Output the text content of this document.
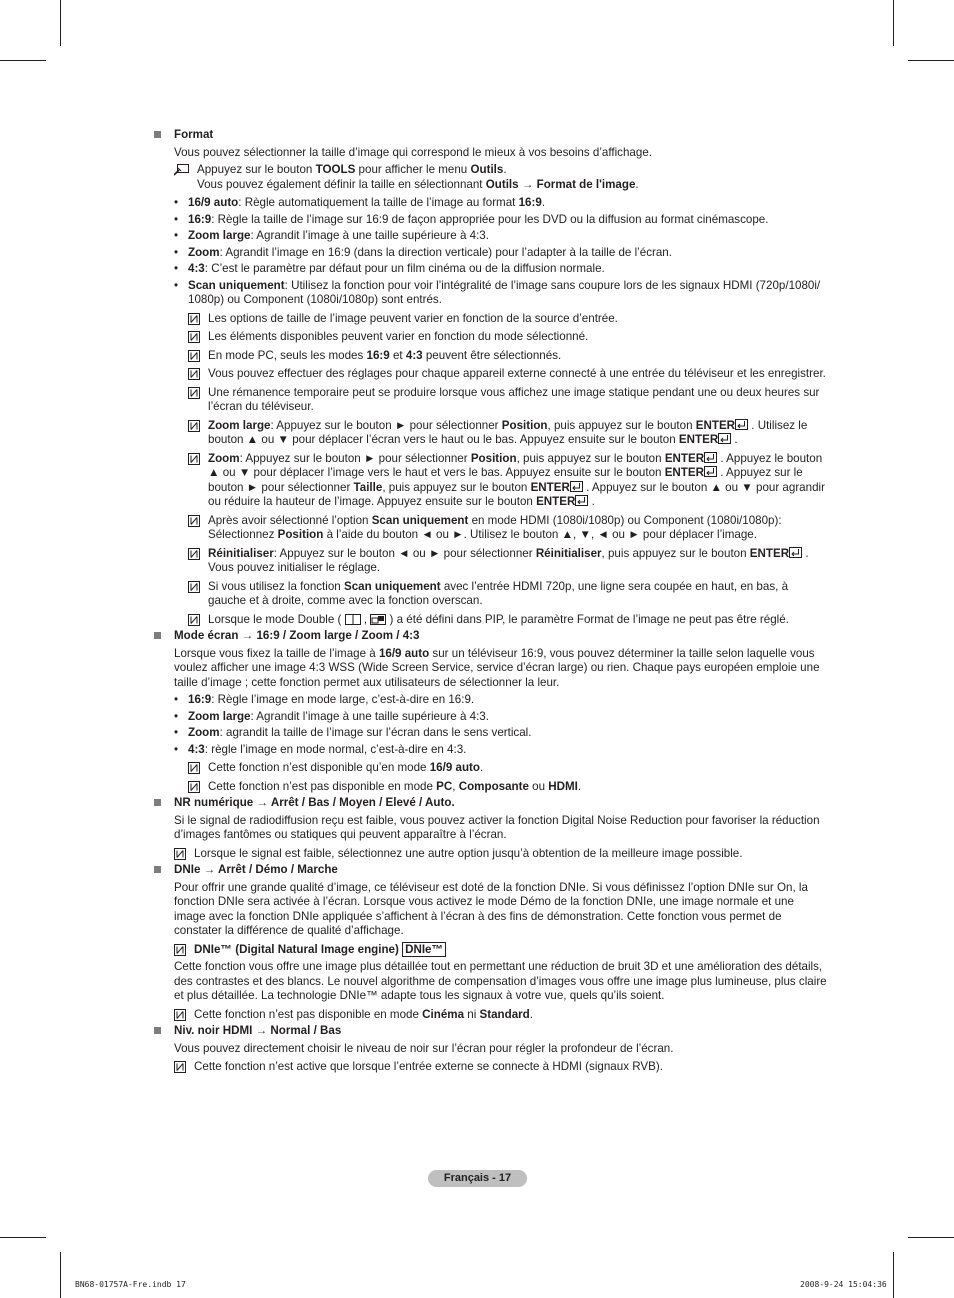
Format
Vous pouvez sélectionner la taille d’image qui correspond le mieux à vos besoins d’affichage.
Appuyez sur le bouton TOOLS pour afficher le menu Outils.
Vous pouvez également définir la taille en sélectionnant Outils → Format de l'image.
• 16/9 auto: Règle automatiquement la taille de l’image au format 16:9.
• 16:9: Règle la taille de l’image sur 16:9 de façon appropriée pour les DVD ou la diffusion au format cinémascope.
• Zoom large: Agrandit l’image à une taille supérieure à 4:3.
• Zoom: Agrandit l’image en 16:9 (dans la direction verticale) pour l’adapter à la taille de l’écran.
• 4:3: C’est le paramètre par défaut pour un film cinéma ou de la diffusion normale.
• Scan uniquement: Utilisez la fonction pour voir l’intégralité de l’image sans coupure lors de les signaux HDMI (720p/1080i/ 1080p) ou Component (1080i/1080p) sont entrés.
Les options de taille de l’image peuvent varier en fonction de la source d’entrée.
Les éléments disponibles peuvent varier en fonction du mode sélectionné.
En mode PC, seuls les modes 16:9 et 4:3 peuvent être sélectionnés.
Vous pouvez effectuer des réglages pour chaque appareil externe connecté à une entrée du téléviseur et les enregistrer.
Une rémanence temporaire peut se produire lorsque vous affichez une image statique pendant une ou deux heures sur l’écran du téléviseur.
Zoom large: Appuyez sur le bouton ► pour sélectionner Position, puis appuyez sur le bouton ENTER . Utilisez le bouton ▲ ou ▼ pour déplacer l’écran vers le haut ou le bas. Appuyez ensuite sur le bouton ENTER .
Zoom: Appuyez sur le bouton ► pour sélectionner Position, puis appuyez sur le bouton ENTER . Appuyez le bouton ▲ ou ▼ pour déplacer l’image vers le haut et vers le bas. Appuyez ensuite sur le bouton ENTER . Appuyez sur le bouton ► pour sélectionner Taille, puis appuyez sur le bouton ENTER . Appuyez sur le bouton ▲ ou ▼ pour agrandir ou réduire la hauteur de l’image. Appuyez ensuite sur le bouton ENTER .
Après avoir sélectionné l’option Scan uniquement en mode HDMI (1080i/1080p) ou Component (1080i/1080p): Sélectionnez Position à l’aide du bouton ◄ ou ►. Utilisez le bouton ▲, ▼, ◄ ou ► pour déplacer l’image.
Réinitialiser: Appuyez sur le bouton ◄ ou ► pour sélectionner Réinitialiser, puis appuyez sur le bouton ENTER . Vous pouvez initialiser le réglage.
Si vous utilisez la fonction Scan uniquement avec l’entrée HDMI 720p, une ligne sera coupée en haut, en bas, à gauche et à droite, comme avec la fonction overscan.
Lorsque le mode Double (  ,  ) a été défini dans PIP, le paramètre Format de l’image ne peut pas être réglé.
Mode écran → 16:9 / Zoom large / Zoom / 4:3
Lorsque vous fixez la taille de l’image à 16/9 auto sur un téléviseur 16:9, vous pouvez déterminer la taille selon laquelle vous voulez afficher une image 4:3 WSS (Wide Screen Service, service d’écran large) ou rien. Chaque pays européen emploie une taille d’image ; cette fonction permet aux utilisateurs de sélectionner la leur.
• 16:9: Règle l’image en mode large, c’est-à-dire en 16:9.
• Zoom large: Agrandit l’image à une taille supérieure à 4:3.
• Zoom: agrandit la taille de l’image sur l’écran dans le sens vertical.
• 4:3: règle l’image en mode normal, c’est-à-dire en 4:3.
Cette fonction n’est disponible qu’en mode 16/9 auto.
Cette fonction n’est pas disponible en mode PC, Composante ou HDMI.
NR numérique → Arrêt / Bas / Moyen / Elevé / Auto.
Si le signal de radiodiffusion reçu est faible, vous pouvez activer la fonction Digital Noise Reduction pour favoriser la réduction d’images fantômes ou statiques qui peuvent apparaître à l’écran.
Lorsque le signal est faible, sélectionnez une autre option jusqu’à obtention de la meilleure image possible.
DNIe → Arrêt / Démo / Marche
Pour offrir une grande qualité d’image, ce téléviseur est doté de la fonction DNIe. Si vous définissez l’option DNIe sur On, la fonction DNIe sera activée à l’écran. Lorsque vous activez le mode Démo de la fonction DNIe, une image normale et une image avec la fonction DNIe appliquée s’affichent à l’écran à des fins de démonstration. Cette fonction vous permet de constater la différence de qualité d’affichage.
DNIe™ (Digital Natural Image engine) DNIe™
Cette fonction vous offre une image plus détaillée tout en permettant une réduction de bruit 3D et une amélioration des détails, des contrastes et des blancs. Le nouvel algorithme de compensation d’images vous offre une image plus lumineuse, plus claire et plus détaillée. La technologie DNIe™ adapte tous les signaux à votre vue, quels qu’ils soient.
Cette fonction n’est pas disponible en mode Cinéma ni Standard.
Niv. noir HDMI → Normal / Bas
Vous pouvez directement choisir le niveau de noir sur l’écran pour régler la profondeur de l’écran.
Cette fonction n’est active que lorsque l’entrée externe se connecte à HDMI (signaux RVB).
Français - 17
BN68-01757A-Fre.indb 17	2008-9-24 15:04:36
